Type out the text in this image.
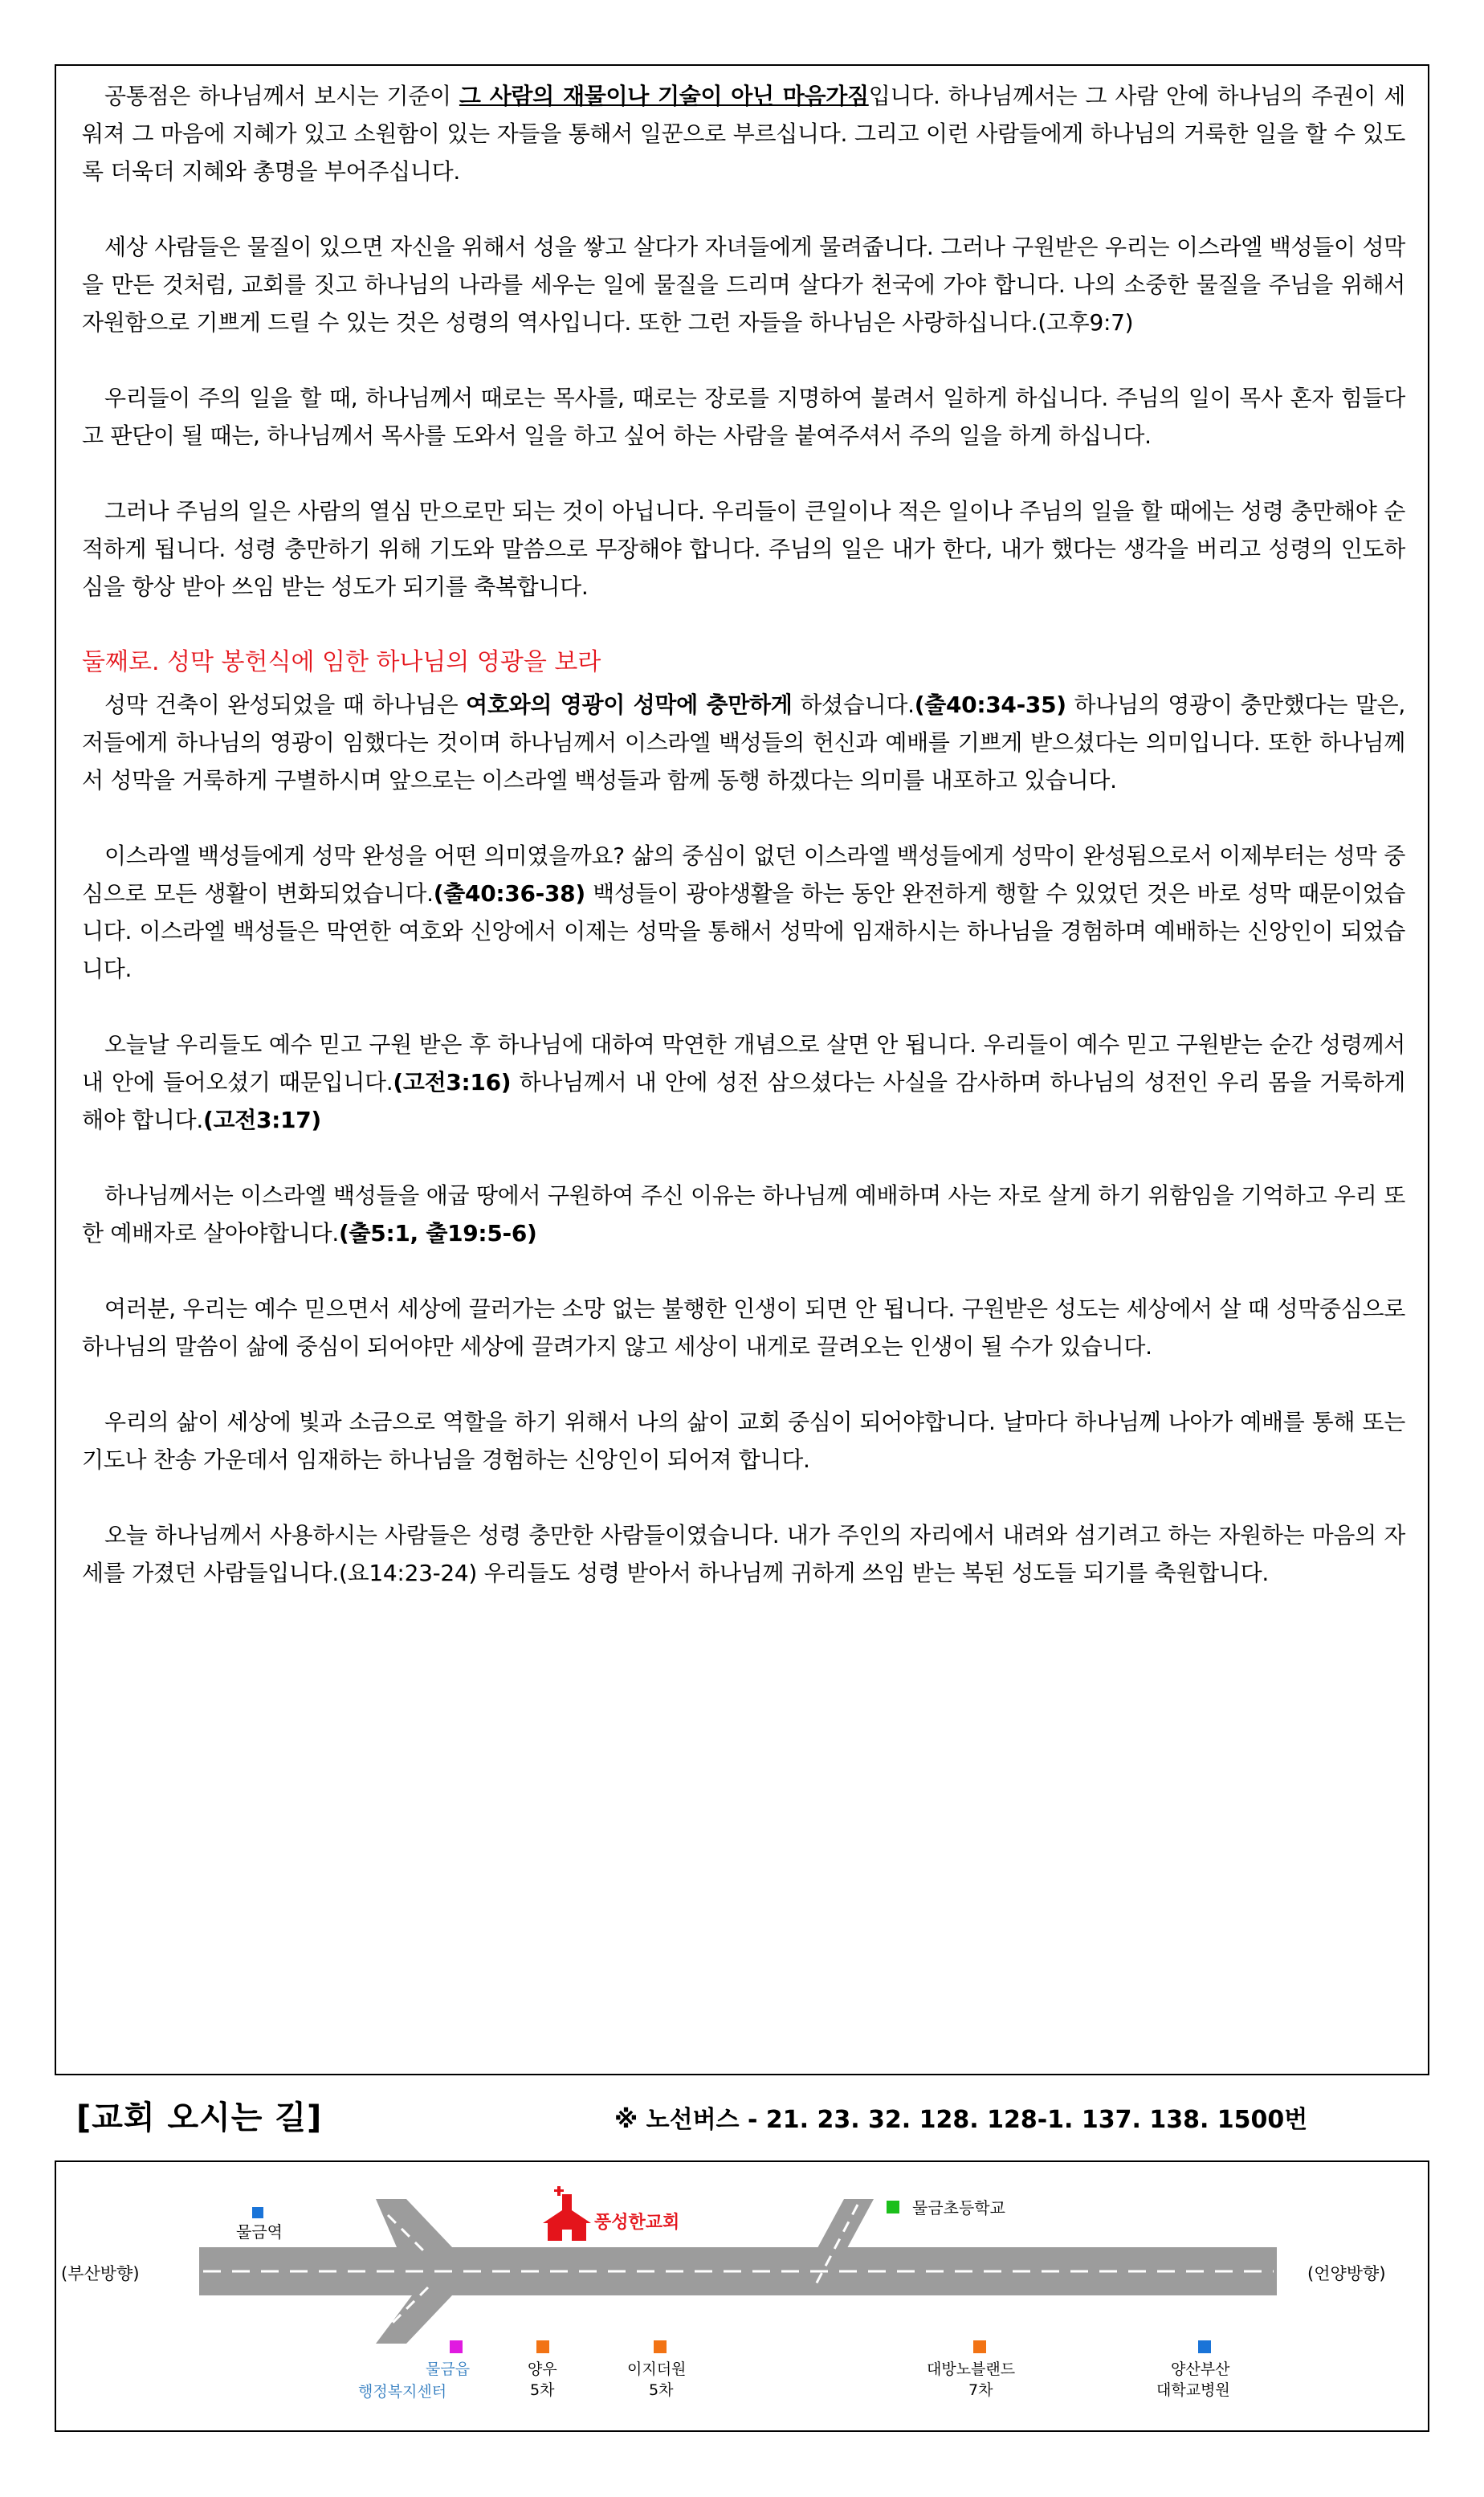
공통점은 하나님께서 보시는 기준이 그 사람의 재물이나 기술이 아닌 마음가짐입니다. 하나님께서는 그 사람 안에 하나님의 주권이 세워져 그 마음에 지혜가 있고 소원함이 있는 자들을 통해서 일꾼으로 부르십니다. 그리고 이런 사람들에게 하나님의 거룩한 일을 할 수 있도록 더욱더 지혜와 총명을 부어주십니다.

세상 사람들은 물질이 있으면 자신을 위해서 성을 쌓고 살다가 자녀들에게 물려줍니다. 그러나 구원받은 우리는 이스라엘 백성들이 성막을 만든 것처럼, 교회를 짓고 하나님의 나라를 세우는 일에 물질을 드리며 살다가 천국에 가야 합니다. 나의 소중한 물질을 주님을 위해서 자원함으로 기쁘게 드릴 수 있는 것은 성령의 역사입니다. 또한 그런 자들을 하나님은 사랑하십니다.(고후9:7)

우리들이 주의 일을 할 때, 하나님께서 때로는 목사를, 때로는 장로를 지명하여 불려서 일하게 하십니다. 주님의 일이 목사 혼자 힘들다고 판단이 될 때는, 하나님께서 목사를 도와서 일을 하고 싶어 하는 사람을 붙여주셔서 주의 일을 하게 하십니다.

그러나 주님의 일은 사람의 열심 만으로만 되는 것이 아닙니다. 우리들이 큰일이나 적은 일이나 주님의 일을 할 때에는 성령 충만해야 순적하게 됩니다. 성령 충만하기 위해 기도와 말씀으로 무장해야 합니다. 주님의 일은 내가 한다, 내가 했다는 생각을 버리고 성령의 인도하심을 항상 받아 쓰임 받는 성도가 되기를 축복합니다.

둘째로. 성막 봉헌식에 임한 하나님의 영광을 보라

성막 건축이 완성되었을 때 하나님은 여호와의 영광이 성막에 충만하게 하셨습니다.(출40:34-35) 하나님의 영광이 충만했다는 말은, 저들에게 하나님의 영광이 임했다는 것이며 하나님께서 이스라엘 백성들의 헌신과 예배를 기쁘게 받으셨다는 의미입니다. 또한 하나님께서 성막을 거룩하게 구별하시며 앞으로는 이스라엘 백성들과 함께 동행 하겠다는 의미를 내포하고 있습니다.

이스라엘 백성들에게 성막 완성을 어떤 의미였을까요? 삶의 중심이 없던 이스라엘 백성들에게 성막이 완성됨으로서 이제부터는 성막 중심으로 모든 생활이 변화되었습니다.(출40:36-38) 백성들이 광야생활을 하는 동안 완전하게 행할 수 있었던 것은 바로 성막 때문이었습니다. 이스라엘 백성들은 막연한 여호와 신앙에서 이제는 성막을 통해서 성막에 임재하시는 하나님을 경험하며 예배하는 신앙인이 되었습니다.

오늘날 우리들도 예수 믿고 구원 받은 후 하나님에 대하여 막연한 개념으로 살면 안 됩니다. 우리들이 예수 믿고 구원받는 순간 성령께서 내 안에 들어오셨기 때문입니다.(고전3:16) 하나님께서 내 안에 성전 삼으셨다는 사실을 감사하며 하나님의 성전인 우리 몸을 거룩하게 해야 합니다.(고전3:17)

하나님께서는 이스라엘 백성들을 애굽 땅에서 구원하여 주신 이유는 하나님께 예배하며 사는 자로 살게 하기 위함임을 기억하고 우리 또한 예배자로 살아야합니다.(출5:1, 출19:5-6)

여러분, 우리는 예수 믿으면서 세상에 끌러가는 소망 없는 불행한 인생이 되면 안 됩니다. 구원받은 성도는 세상에서 살 때 성막중심으로 하나님의 말씀이 삶에 중심이 되어야만 세상에 끌려가지 않고 세상이 내게로 끌려오는 인생이 될 수가 있습니다.

우리의 삶이 세상에 빛과 소금으로 역할을 하기 위해서 나의 삶이 교회 중심이 되어야합니다. 날마다 하나님께 나아가 예배를 통해 또는 기도나 찬송 가운데서 임재하는 하나님을 경험하는 신앙인이 되어져 합니다.

오늘 하나님께서 사용하시는 사람들은 성령 충만한 사람들이였습니다. 내가 주인의 자리에서 내려와 섬기려고 하는 자원하는 마음의 자세를 가졌던 사람들입니다.(요14:23-24) 우리들도 성령 받아서 하나님께 귀하게 쓰임 받는 복된 성도들 되기를 축원합니다.

[교회 오시는 길]	※ 노선버스 - 21. 23. 32. 128. 128-1. 137. 138. 1500번
(부산방향)	(언양방향)
풍성한교회
물금역
물금초등학교
물금읍
행정복지센터
양우
5차
이지더원
5차
대방노블랜드
7차
양산부산
대학교병원
